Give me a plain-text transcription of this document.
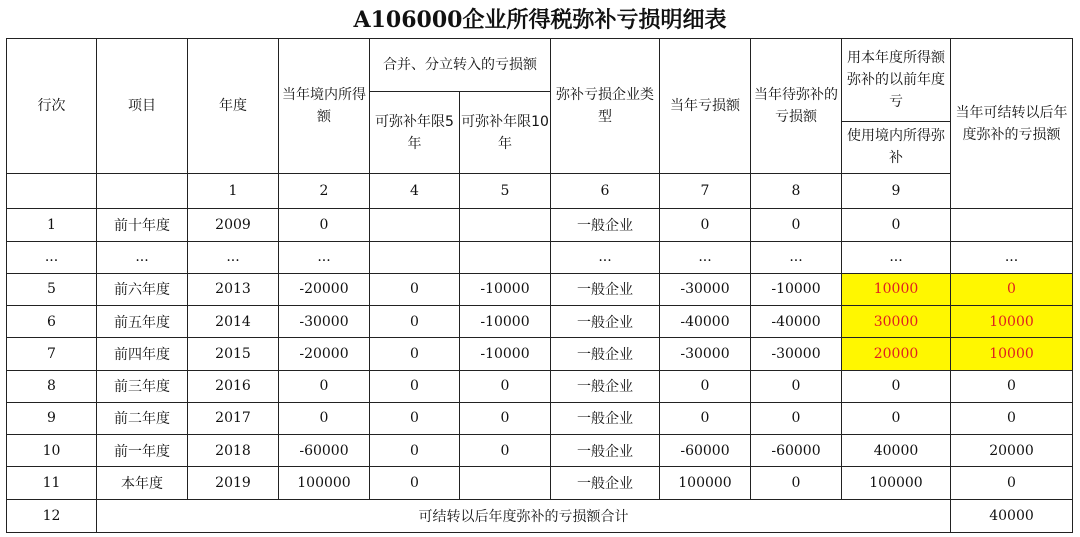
A106000企业所得税弥补亏损明细表
行次	项目	年度	当年境内所得额	合并、分立转入的亏损额		弥补亏损企业类型	当年亏损额	当年待弥补的亏损额	用本年度所得额弥补的以前年度亏	当年可结转以后年度弥补的亏损额
				可弥补年限5年	可弥补年限10年					
									使用境内所得弥补	
		1	2	4	5	6	7	8	9	
1	前十年度	2009	0			一般企业	0	0	0	
...	...	...	...			...	...	...	...	...
5	前六年度	2013	-20000	0	-10000	一般企业	-30000	-10000	10000	0
6	前五年度	2014	-30000	0	-10000	一般企业	-40000	-40000	30000	10000
7	前四年度	2015	-20000	0	-10000	一般企业	-30000	-30000	20000	10000
8	前三年度	2016	0	0	0	一般企业	0	0	0	0
9	前二年度	2017	0	0	0	一般企业	0	0	0	0
10	前一年度	2018	-60000	0	0	一般企业	-60000	-60000	40000	20000
11	本年度	2019	100000	0		一般企业	100000	0	100000	0
12	可结转以后年度弥补的亏损额合计									40000
